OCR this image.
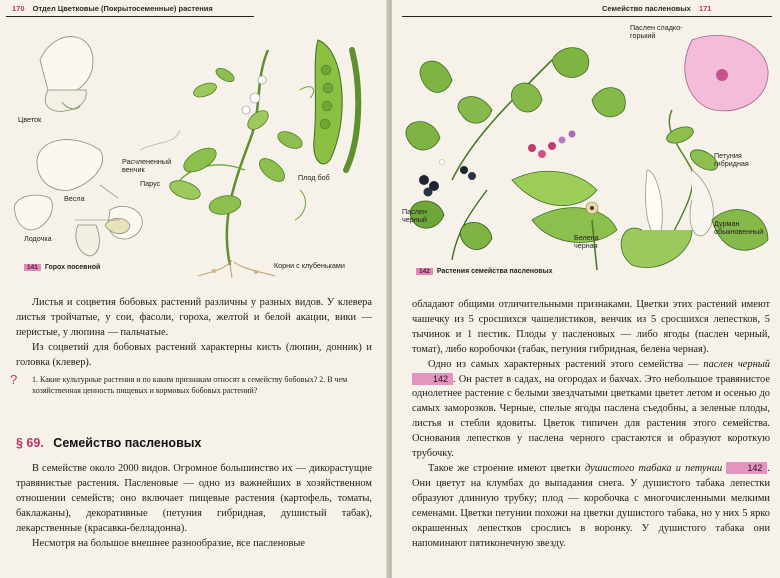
170 Отдел Цветковые (Покрытосеменные) растения
Цветок
Расчлененный
венчик
Парус
Весла
Лодочка
Плод боб
Корни с клубеньками
141 Горох посевной

Листья и соцветия бобовых растений различны у разных видов. У клевера листья тройчатые, у сои, фасоли, гороха, желтой и белой акации, вики — перистые, у люпина — пальчатые.

Из соцветий для бобовых растений характерны кисть (люпин, донник) и головка (клевер).

? 1. Какие культурные растения и по каким признакам относят к семейству бобовых? 2. В чем хозяйственная ценность пищевых и кормовых бобовых растений?
§ 69. Семейство пасленовых

В семействе около 2000 видов. Огромное большинство их — дикорастущие травянистые растения. Пасленовые — одно из важнейших в хозяйственном отношении семейств; оно включает пищевые растения (картофель, томаты, баклажаны), декоративные (петуния гибридная, душистый табак), лекарственные (красавка-белладонна).

Несмотря на большое внешнее разнообразие, все пасленовые

Семейство пасленовых 171
Паслен сладко-
горький
Петуния
гибридная
Паслен
черный
Белена
черная
Дурман
обыкновенный
142 Растения семейства пасленовых

обладают общими отличительными признаками. Цветки этих растений имеют чашечку из 5 сросшихся чашелистиков, венчик из 5 сросшихся лепестков, 5 тычинок и 1 пестик. Плоды у пасленовых — либо ягоды (паслен черный, томат), либо коробочки (табак, петуния гибридная, белена черная).

Одно из самых характерных растений этого семейства — паслен черный 142 . Он растет в садах, на огородах и бахчах. Это небольшое травянистое однолетнее растение с белыми звездчатыми цветками цветет летом и осенью до самых заморозков. Черные, спелые ягоды паслена съедобны, а зеленые плоды, листья и стебли ядовиты. Цветок типичен для растения этого семейства. Основания лепестков у паслена черного срастаются и образуют короткую трубочку.

Такое же строение имеют цветки душистого табака и петунии	142 . Они цветут на клумбах до выпадания снега. У душистого табака лепестки образуют длинную трубку; плод — коробочка с многочисленными мелкими семенами. Цветки петунии похожи на цветки душистого табака, но у них 5 ярко окрашенных лепестков срослись в воронку. У душистого табака они напоминают пятиконечную звезду.
